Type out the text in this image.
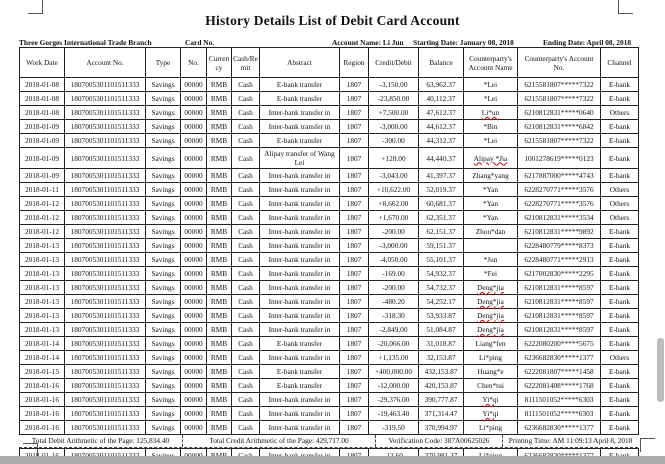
History Details List of Debit Card Account
Three Gorges International Trade Branch	Card No.	Account Name: Li Jun Starting Date: January 08, 2018	Ending Date: April 08, 2018
Work Date	Account No.	Type	No.	Currency	Cash/Remit	Abstract	Region	Credit/Debit	Balance	Counterparty's Account Name	Counterparty's Account No.	Channel
2018-01-08	1807005301101511333	Savings	00000	RMB	Cash	E-bank transfer	1807	-3,150.00	63,962.37	*Lei	6215581807*****7322	E-bank
2018-01-08	1807005301101511333	Savings	00000	RMB	Cash	E-bank transfer	1807	-23,850.00	40,112.37	*Lei	6215581807*****7322	E-bank
2018-01-08	1807005301101511333	Savings	00000	RMB	Cash	Inter-bank transfer in	1807	+7,500.00	47,612.37	Li*un	6210812831*****0640	Others
2018-01-09	1807005301101511333	Savings	00000	RMB	Cash	Inter-bank transfer in	1807	-3,000.00	44,612.37	*Bin	6210812831*****6842	E-bank
2018-01-09	1807005301101511333	Savings	00000	RMB	Cash	E-bank transfer	1807	-300.00	44,312.37	*Lei	6215581807*****7322	E-bank
2018-01-09	1807005301101511333	Savings	00000	RMB	Cash	Alipay transfer of Wang Lei	1807	+128.00	44,440.37	Alipay *Jia	1001278619*****0123	E-bank
2018-01-09	1807005301101511333	Savings	00000	RMB	Cash	Inter-bank transfer in	1807	-3,043.00	41,397.37	Zhang*yang	6217887000*****4743	E-bank
2018-01-11	1807005301101511333	Savings	00000	RMB	Cash	Inter-bank transfer in	1807	+10,622.00	52,019.37	*Yan	6228270771*****3576	Others
2018-01-12	1807005301101511333	Savings	00000	RMB	Cash	Inter-bank transfer in	1807	+8,662.00	60,681.37	*Yan	6228270771*****3576	Others
2018-01-12	1807005301101511333	Savings	00000	RMB	Cash	Inter-bank transfer in	1807	+1,670.00	62,351.37	*Yan	6210812831*****3534	Others
2018-01-12	1807005301101511333	Savings	00000	RMB	Cash	Inter-bank transfer in	1807	-200.00	62,151.37	Zhou*dan	6210812831*****9892	E-bank
2018-01-13	1807005301101511333	Savings	00000	RMB	Cash	Inter-bank transfer in	1807	-3,000.00	59,151.37		6228480779*****8373	E-bank
2018-01-13	1807005301101511333	Savings	00000	RMB	Cash	Inter-bank transfer in	1807	-4,050.00	55,101.37	*Jun	6228480771*****2913	E-bank
2018-01-13	1807005301101511333	Savings	00000	RMB	Cash	Inter-bank transfer in	1807	-169.00	54,932.37	*Fei	6217002830*****2295	E-bank
2018-01-13	1807005301101511333	Savings	00000	RMB	Cash	Inter-bank transfer in	1807	-200.00	54,732.37	Deng*jia	6210812831*****8597	E-bank
2018-01-13	1807005301101511333	Savings	00000	RMB	Cash	Inter-bank transfer in	1807	-480.20	54,252.17	Deng*jia	6210812831*****8597	E-bank
2018-01-13	1807005301101511333	Savings	00000	RMB	Cash	Inter-bank transfer in	1807	-318.30	53,933.87	Deng*jia	6210812831*****8597	E-bank
2018-01-13	1807005301101511333	Savings	00000	RMB	Cash	Inter-bank transfer in	1807	-2,849.00	51,084.87	Deng*jia	6210812831*****8597	E-bank
2018-01-14	1807005301101511333	Savings	00000	RMB	Cash	E-bank transfer	1807	-20,066.00	31,018.87	Liang*fen	6222080200*****5675	E-bank
2018-01-14	1807005301101511333	Savings	00000	RMB	Cash	Inter-bank transfer in	1807	+1,135.00	32,153.87	Li*ping	6236682830*****1377	Others
2018-01-15	1807005301101511333	Savings	00000	RMB	Cash	E-bank transfer	1807	+400,000.00	432,153.87	Huang*e	6222081807*****1458	E-bank
2018-01-16	1807005301101511333	Savings	00000	RMB	Cash	E-bank transfer	1807	-12,000.00	420,153.87	Chen*tui	6222081408*****1768	E-bank
2018-01-16	1807005301101511333	Savings	00000	RMB	Cash	Inter-bank transfer in	1807	-29,376.00	390,777.87	Yi*qi	8111501052*****6303	E-bank
2018-01-16	1807005301101511333	Savings	00000	RMB	Cash	Inter-bank transfer in	1807	-19,463.40	371,314.47	Yi*qi	8111501052*****6303	E-bank
2018-01-16	1807005301101511333	Savings	00000	RMB	Cash	Inter-bank transfer in	1807	-319.50	370,994.97	Li*ping	6236682830*****1377	E-bank
Total Debit Arithmetic of the Page: 125,834.40	Total Credit Arithmetic of the Page: 429,717.00	Verification Code: 387A00625026	Printing Time: AM 11:09:13 April 8, 2018
